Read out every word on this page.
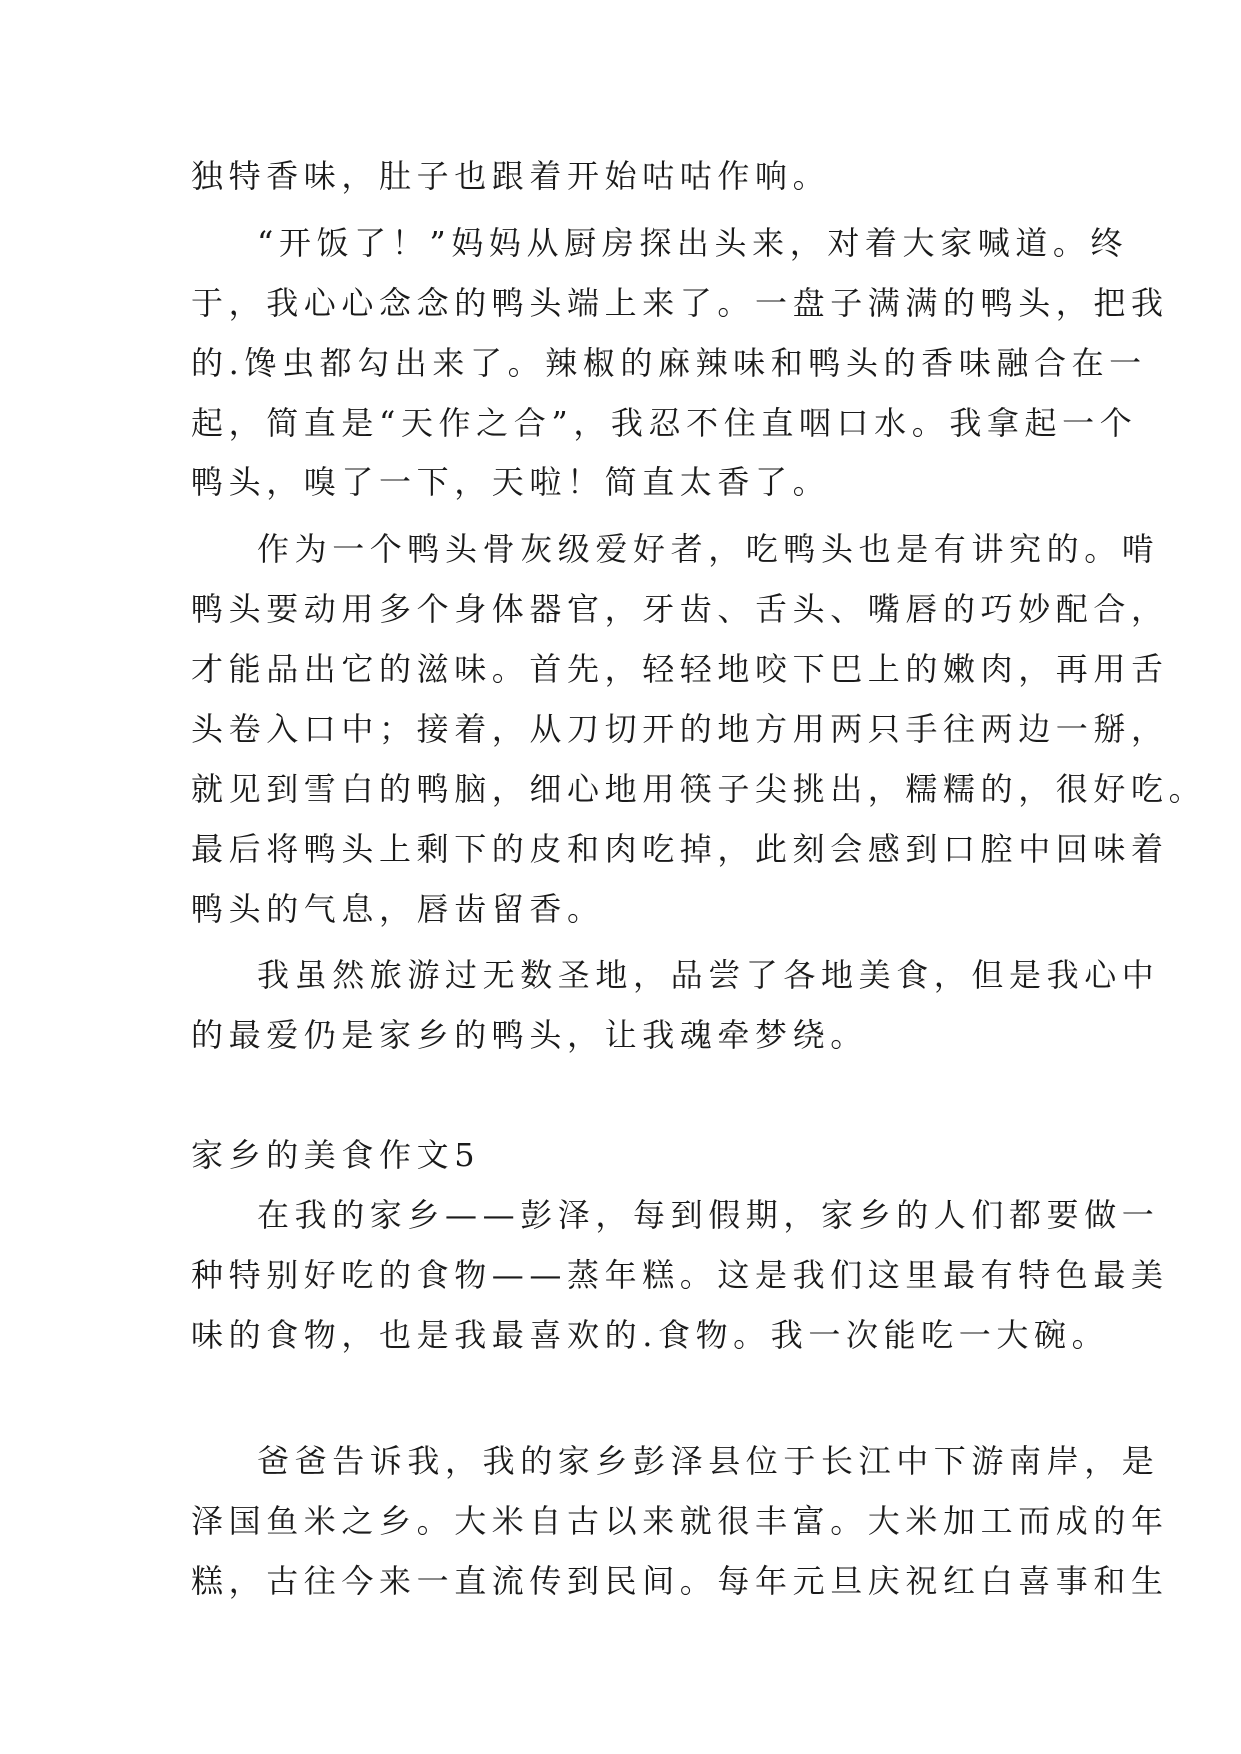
独特香味，肚子也跟着开始咕咕作响。
“开饭了！”妈妈从厨房探出头来，对着大家喊道。终
于，我心心念念的鸭头端上来了。一盘子满满的鸭头，把我
的.馋虫都勾出来了。辣椒的麻辣味和鸭头的香味融合在一
起，简直是“天作之合”，我忍不住直咽口水。我拿起一个
鸭头，嗅了一下，天啦！简直太香了。
作为一个鸭头骨灰级爱好者，吃鸭头也是有讲究的。啃
鸭头要动用多个身体器官，牙齿、舌头、嘴唇的巧妙配合，
才能品出它的滋味。首先，轻轻地咬下巴上的嫩肉，再用舌
头卷入口中；接着，从刀切开的地方用两只手往两边一掰，
就见到雪白的鸭脑，细心地用筷子尖挑出，糯糯的，很好吃。
最后将鸭头上剩下的皮和肉吃掉，此刻会感到口腔中回味着
鸭头的气息，唇齿留香。
我虽然旅游过无数圣地，品尝了各地美食，但是我心中
的最爱仍是家乡的鸭头，让我魂牵梦绕。
家乡的美食作文5
在我的家乡——彭泽，每到假期，家乡的人们都要做一
种特别好吃的食物——蒸年糕。这是我们这里最有特色最美
味的食物，也是我最喜欢的.食物。我一次能吃一大碗。
爸爸告诉我，我的家乡彭泽县位于长江中下游南岸，是
泽国鱼米之乡。大米自古以来就很丰富。大米加工而成的年
糕，古往今来一直流传到民间。每年元旦庆祝红白喜事和生
